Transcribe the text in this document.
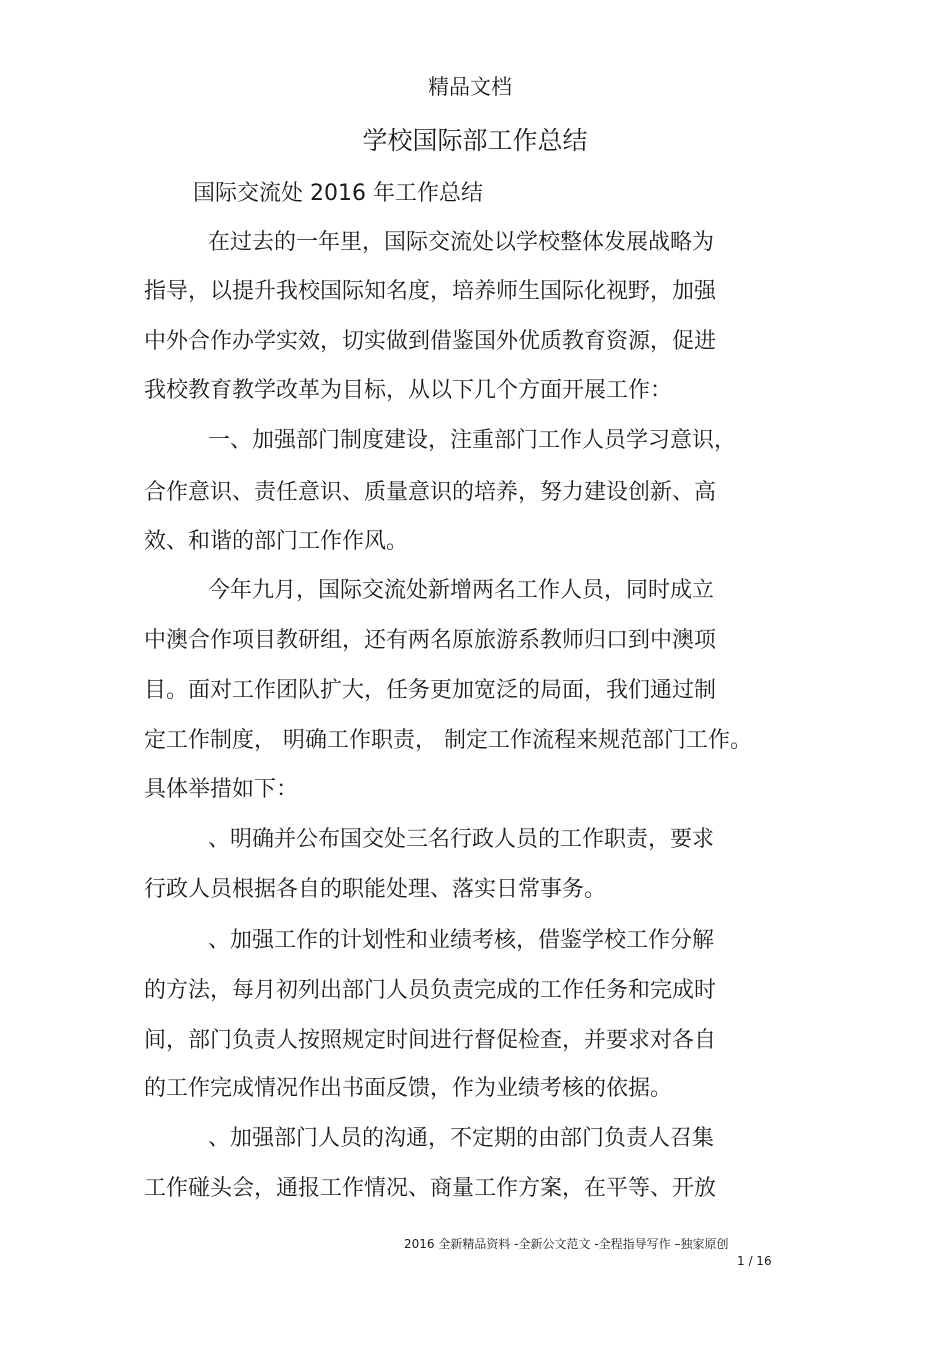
精品文档

学校国际部工作总结

国际交流处 2016 年工作总结

在过去的一年里，国际交流处以学校整体发展战略为

指导，以提升我校国际知名度，培养师生国际化视野，加强

中外合作办学实效，切实做到借鉴国外优质教育资源，促进

我校教育教学改革为目标，从以下几个方面开展工作：

一、加强部门制度建设，注重部门工作人员学习意识，

合作意识、责任意识、质量意识的培养，努力建设创新、高

效、和谐的部门工作作风。

今年九月，国际交流处新增两名工作人员，同时成立

中澳合作项目教研组，还有两名原旅游系教师归口到中澳项

目。面对工作团队扩大，任务更加宽泛的局面，我们通过制

定工作制度， 明确工作职责， 制定工作流程来规范部门工作。

具体举措如下：

、明确并公布国交处三名行政人员的工作职责，要求

行政人员根据各自的职能处理、落实日常事务。

、加强工作的计划性和业绩考核，借鉴学校工作分解

的方法，每月初列出部门人员负责完成的工作任务和完成时

间，部门负责人按照规定时间进行督促检查，并要求对各自

的工作完成情况作出书面反馈，作为业绩考核的依据。

、加强部门人员的沟通，不定期的由部门负责人召集

工作碰头会，通报工作情况、商量工作方案，在平等、开放

2016 全新精品资料 -全新公文范文 -全程指导写作 –独家原创
1 / 16
